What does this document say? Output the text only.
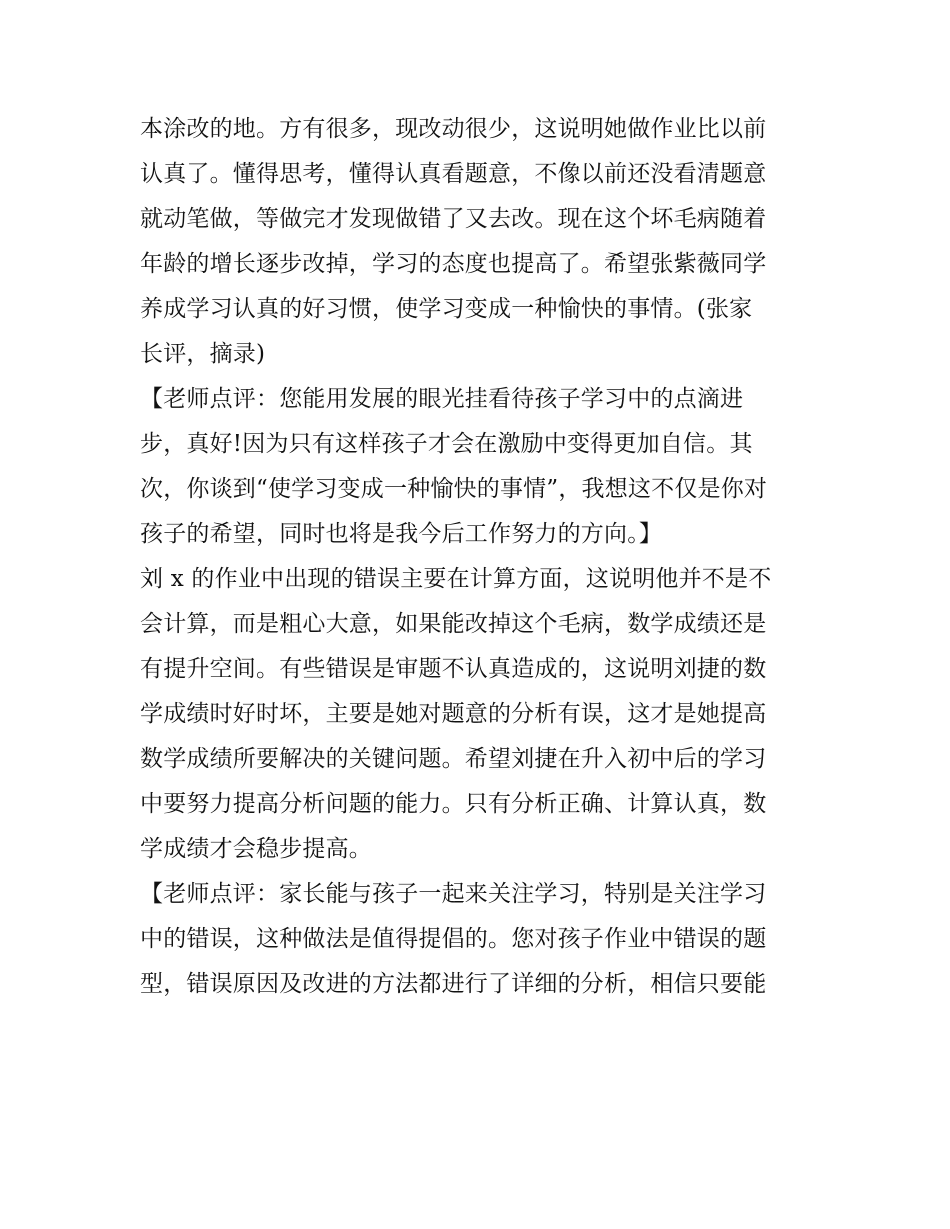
本涂改的地。方有很多，现改动很少，这说明她做作业比以前
认真了。懂得思考，懂得认真看题意，不像以前还没看清题意
就动笔做，等做完才发现做错了又去改。现在这个坏毛病随着
年龄的增长逐步改掉，学习的态度也提高了。希望张紫薇同学
养成学习认真的好习惯，使学习变成一种愉快的事情。(张家
长评，摘录)
【老师点评：您能用发展的眼光挂看待孩子学习中的点滴进
步，真好!因为只有这样孩子才会在激励中变得更加自信。其
次，你谈到“使学习变成一种愉快的事情”，我想这不仅是你对
孩子的希望，同时也将是我今后工作努力的方向。】
刘 x 的作业中出现的错误主要在计算方面，这说明他并不是不
会计算，而是粗心大意，如果能改掉这个毛病，数学成绩还是
有提升空间。有些错误是审题不认真造成的，这说明刘捷的数
学成绩时好时坏，主要是她对题意的分析有误，这才是她提高
数学成绩所要解决的关键问题。希望刘捷在升入初中后的学习
中要努力提高分析问题的能力。只有分析正确、计算认真，数
学成绩才会稳步提高。
【老师点评：家长能与孩子一起来关注学习，特别是关注学习
中的错误，这种做法是值得提倡的。您对孩子作业中错误的题
型，错误原因及改进的方法都进行了详细的分析，相信只要能
